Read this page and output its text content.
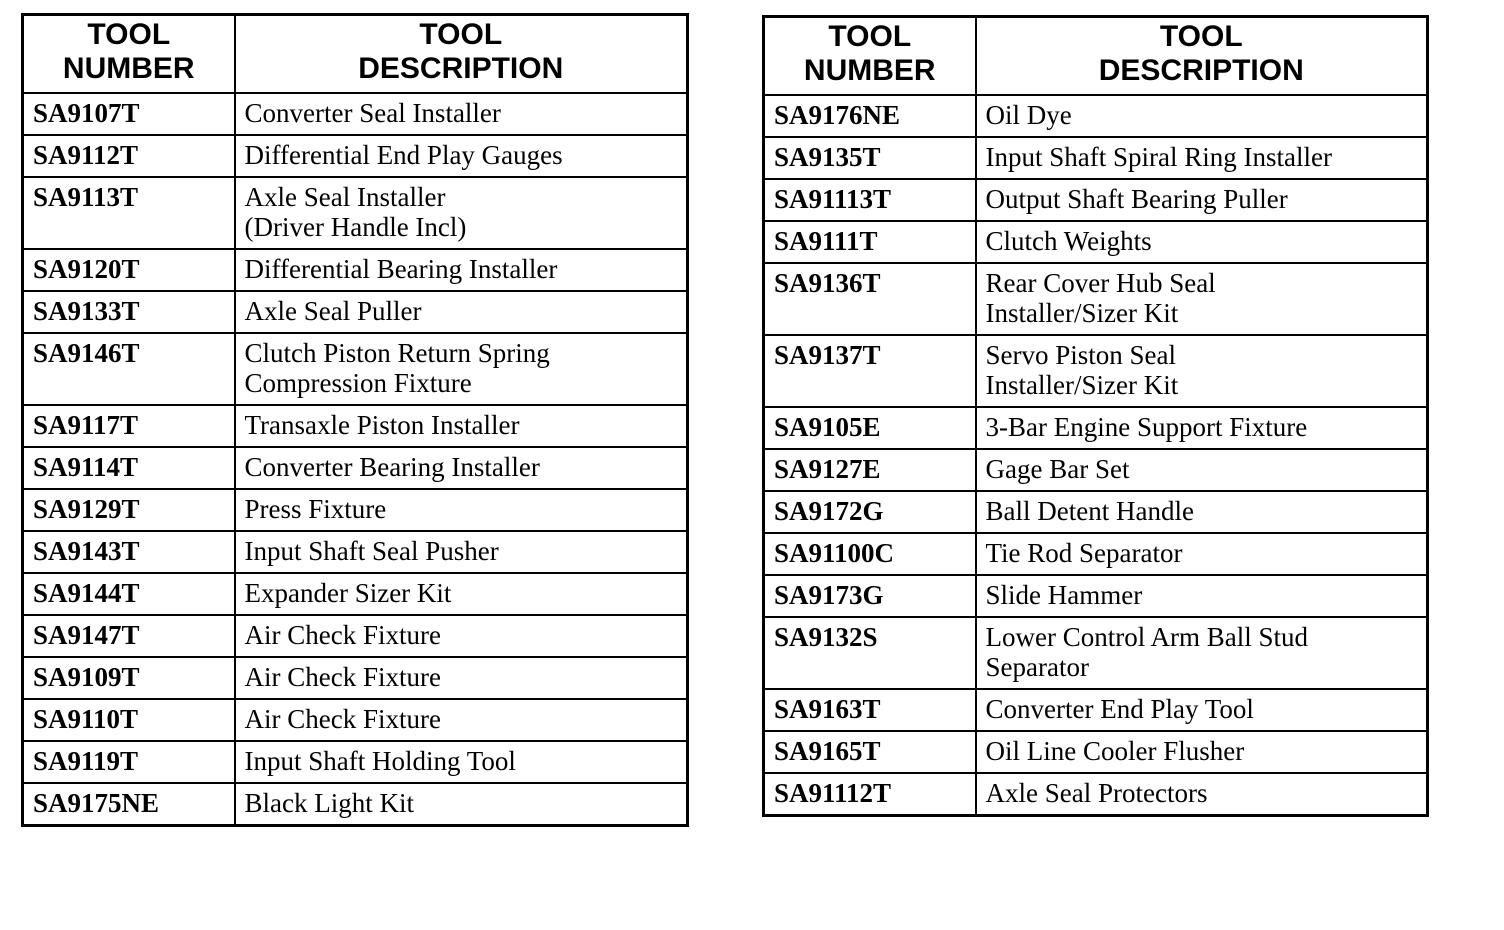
TOOL
NUMBER	TOOL
DESCRIPTION
SA9107T	Converter Seal Installer
SA9112T	Differential End Play Gauges
SA9113T	Axle Seal Installer
(Driver Handle Incl)
SA9120T	Differential Bearing Installer
SA9133T	Axle Seal Puller
SA9146T	Clutch Piston Return Spring
Compression Fixture
SA9117T	Transaxle Piston Installer
SA9114T	Converter Bearing Installer
SA9129T	Press Fixture
SA9143T	Input Shaft Seal Pusher
SA9144T	Expander Sizer Kit
SA9147T	Air Check Fixture
SA9109T	Air Check Fixture
SA9110T	Air Check Fixture
SA9119T	Input Shaft Holding Tool
SA9175NE	Black Light Kit
TOOL
NUMBER	TOOL
DESCRIPTION
SA9176NE	Oil Dye
SA9135T	Input Shaft Spiral Ring Installer
SA91113T	Output Shaft Bearing Puller
SA9111T	Clutch Weights
SA9136T	Rear Cover Hub Seal
Installer/Sizer Kit
SA9137T	Servo Piston Seal
Installer/Sizer Kit
SA9105E	3-Bar Engine Support Fixture
SA9127E	Gage Bar Set
SA9172G	Ball Detent Handle
SA91100C	Tie Rod Separator
SA9173G	Slide Hammer
SA9132S	Lower Control Arm Ball Stud
Separator
SA9163T	Converter End Play Tool
SA9165T	Oil Line Cooler Flusher
SA91112T	Axle Seal Protectors
